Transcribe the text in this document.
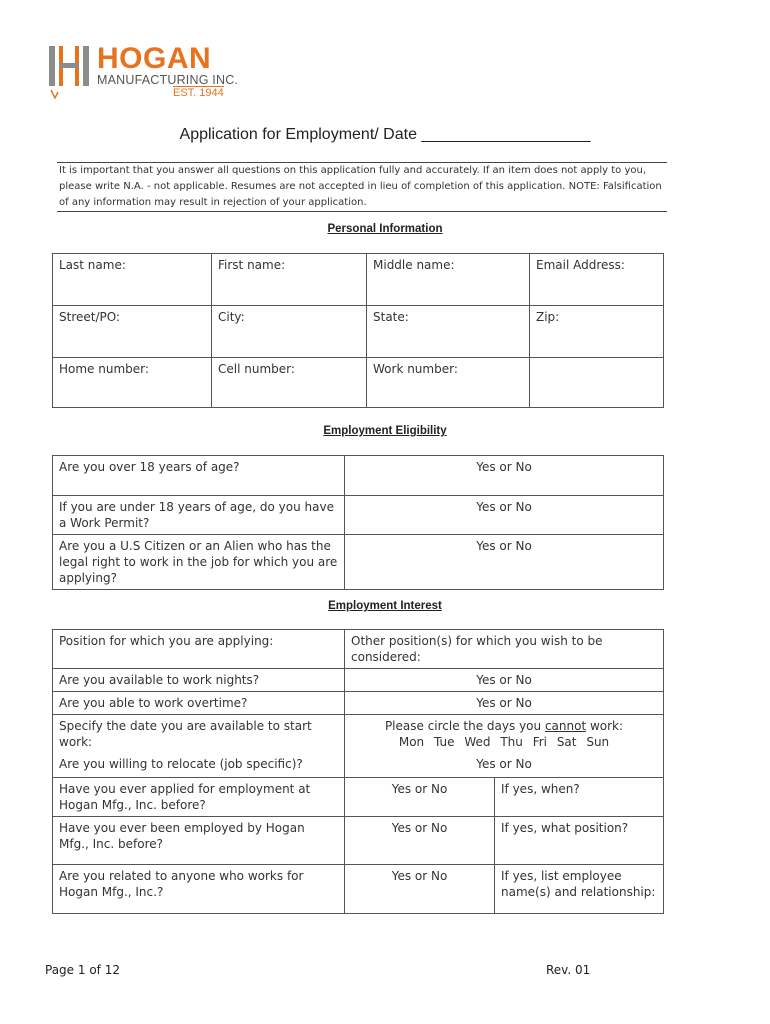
HOGAN
MANUFACTURING INC.
EST. 1944
Application for Employment/ Date ___________________
It is important that you answer all questions on this application fully and accurately. If an item does not apply to you, please write N.A. - not applicable. Resumes are not accepted in lieu of completion of this application. NOTE: Falsification of any information may result in rejection of your application.
Personal Information
Last name:	First name:	Middle name:	Email Address:
Street/PO:	City:	State:	Zip:
Home number:	Cell number:	Work number:	
Employment Eligibility
Are you over 18 years of age?	Yes or No
If you are under 18 years of age, do you have a Work Permit?	Yes or No
Are you a U.S Citizen or an Alien who has the legal right to work in the job for which you are applying?	Yes or No
Employment Interest
Position for which you are applying:	Other position(s) for which you wish to be considered:	
Are you available to work nights?	Yes or No	
Are you able to work overtime?	Yes or No	
Specify the date you are available to start work:	Please circle the days you cannot work:
Mon Tue Wed Thu Fri Sat Sun	

Are you willing to relocate (job specific)?	Yes or No	
Have you ever applied for employment at Hogan Mfg., Inc. before?	Yes or No	If yes, when?
Have you ever been employed by Hogan Mfg., Inc. before?	Yes or No	If yes, what position?
Are you related to anyone who works for Hogan Mfg., Inc.?	Yes or No	If yes, list employee name(s) and relationship:
Page 1 of 12	Rev. 01
